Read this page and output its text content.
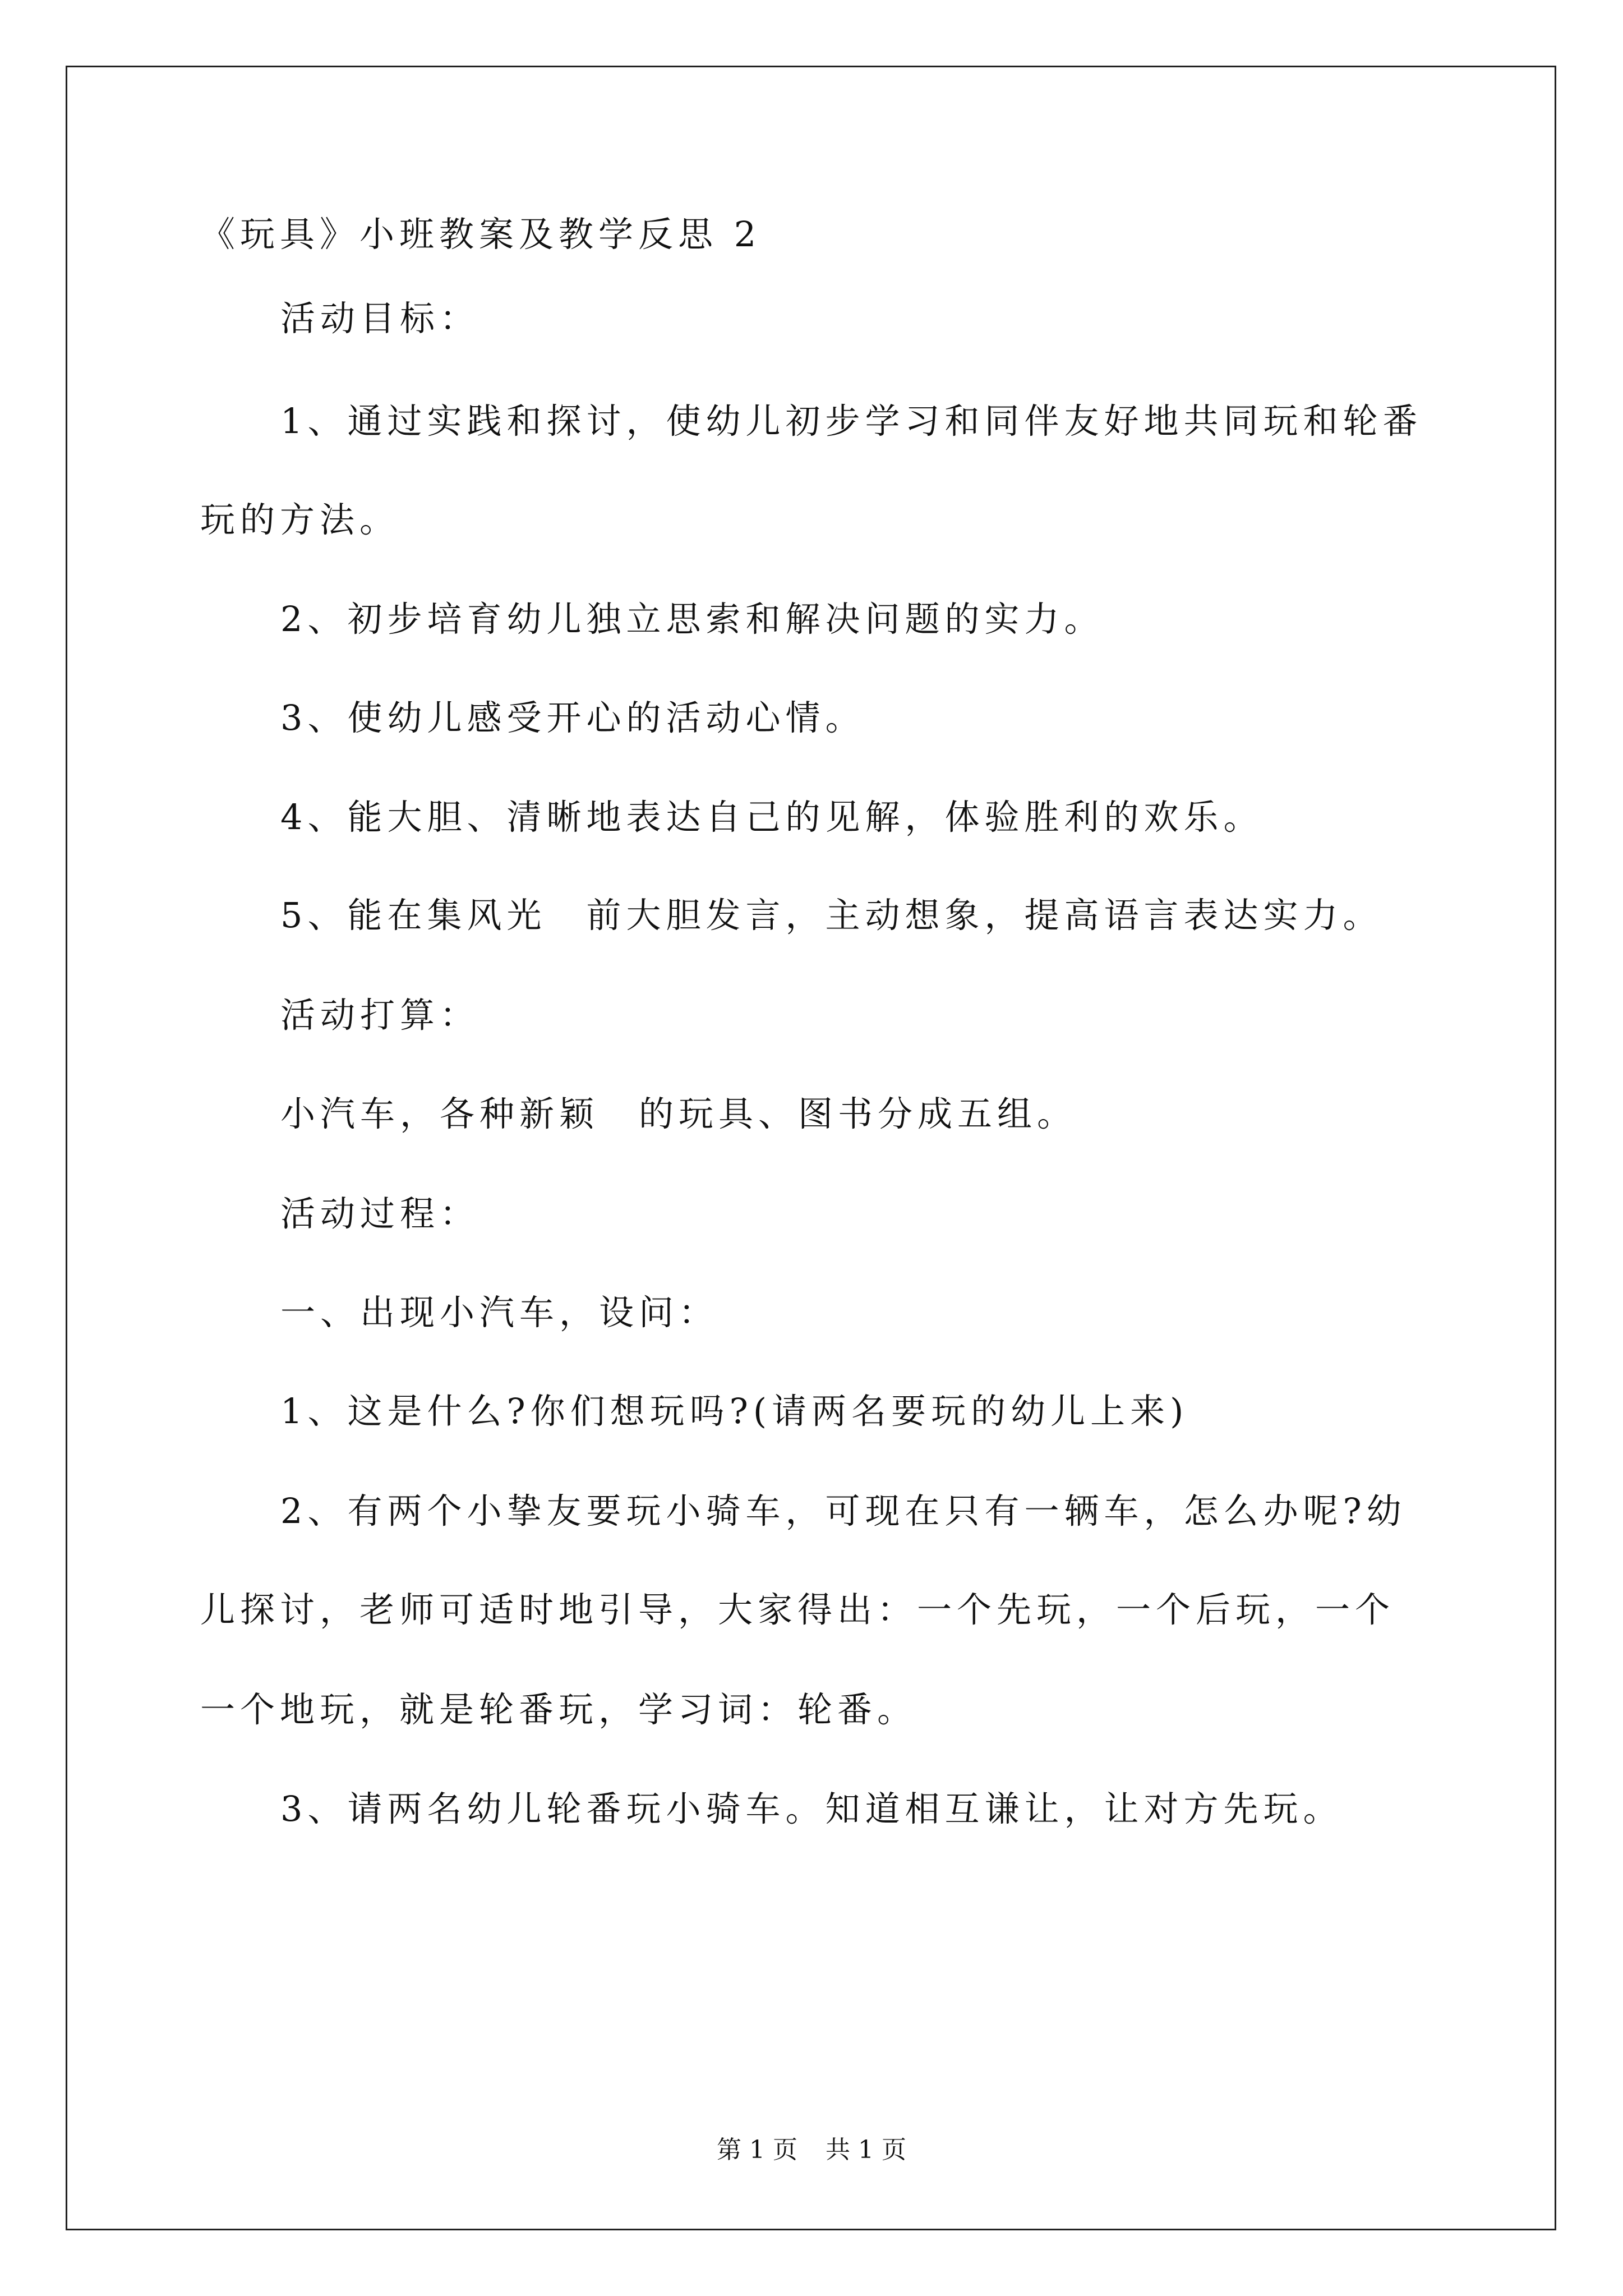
《玩具》小班教案及教学反思 2
活动目标：
1、通过实践和探讨，使幼儿初步学习和同伴友好地共同玩和轮番
玩的方法。
2、初步培育幼儿独立思索和解决问题的实力。
3、使幼儿感受开心的活动心情。
4、能大胆、清晰地表达自己的见解，体验胜利的欢乐。
5、能在集风光　前大胆发言，主动想象，提高语言表达实力。
活动打算：
小汽车，各种新颖　的玩具、图书分成五组。
活动过程：
一、出现小汽车，设问：
1、这是什么?你们想玩吗?(请两名要玩的幼儿上来)
2、有两个小挚友要玩小骑车，可现在只有一辆车，怎么办呢?幼
儿探讨，老师可适时地引导，大家得出：一个先玩，一个后玩，一个
一个地玩，就是轮番玩，学习词：轮番。
3、请两名幼儿轮番玩小骑车。知道相互谦让，让对方先玩。
第 1 页 共 1 页
